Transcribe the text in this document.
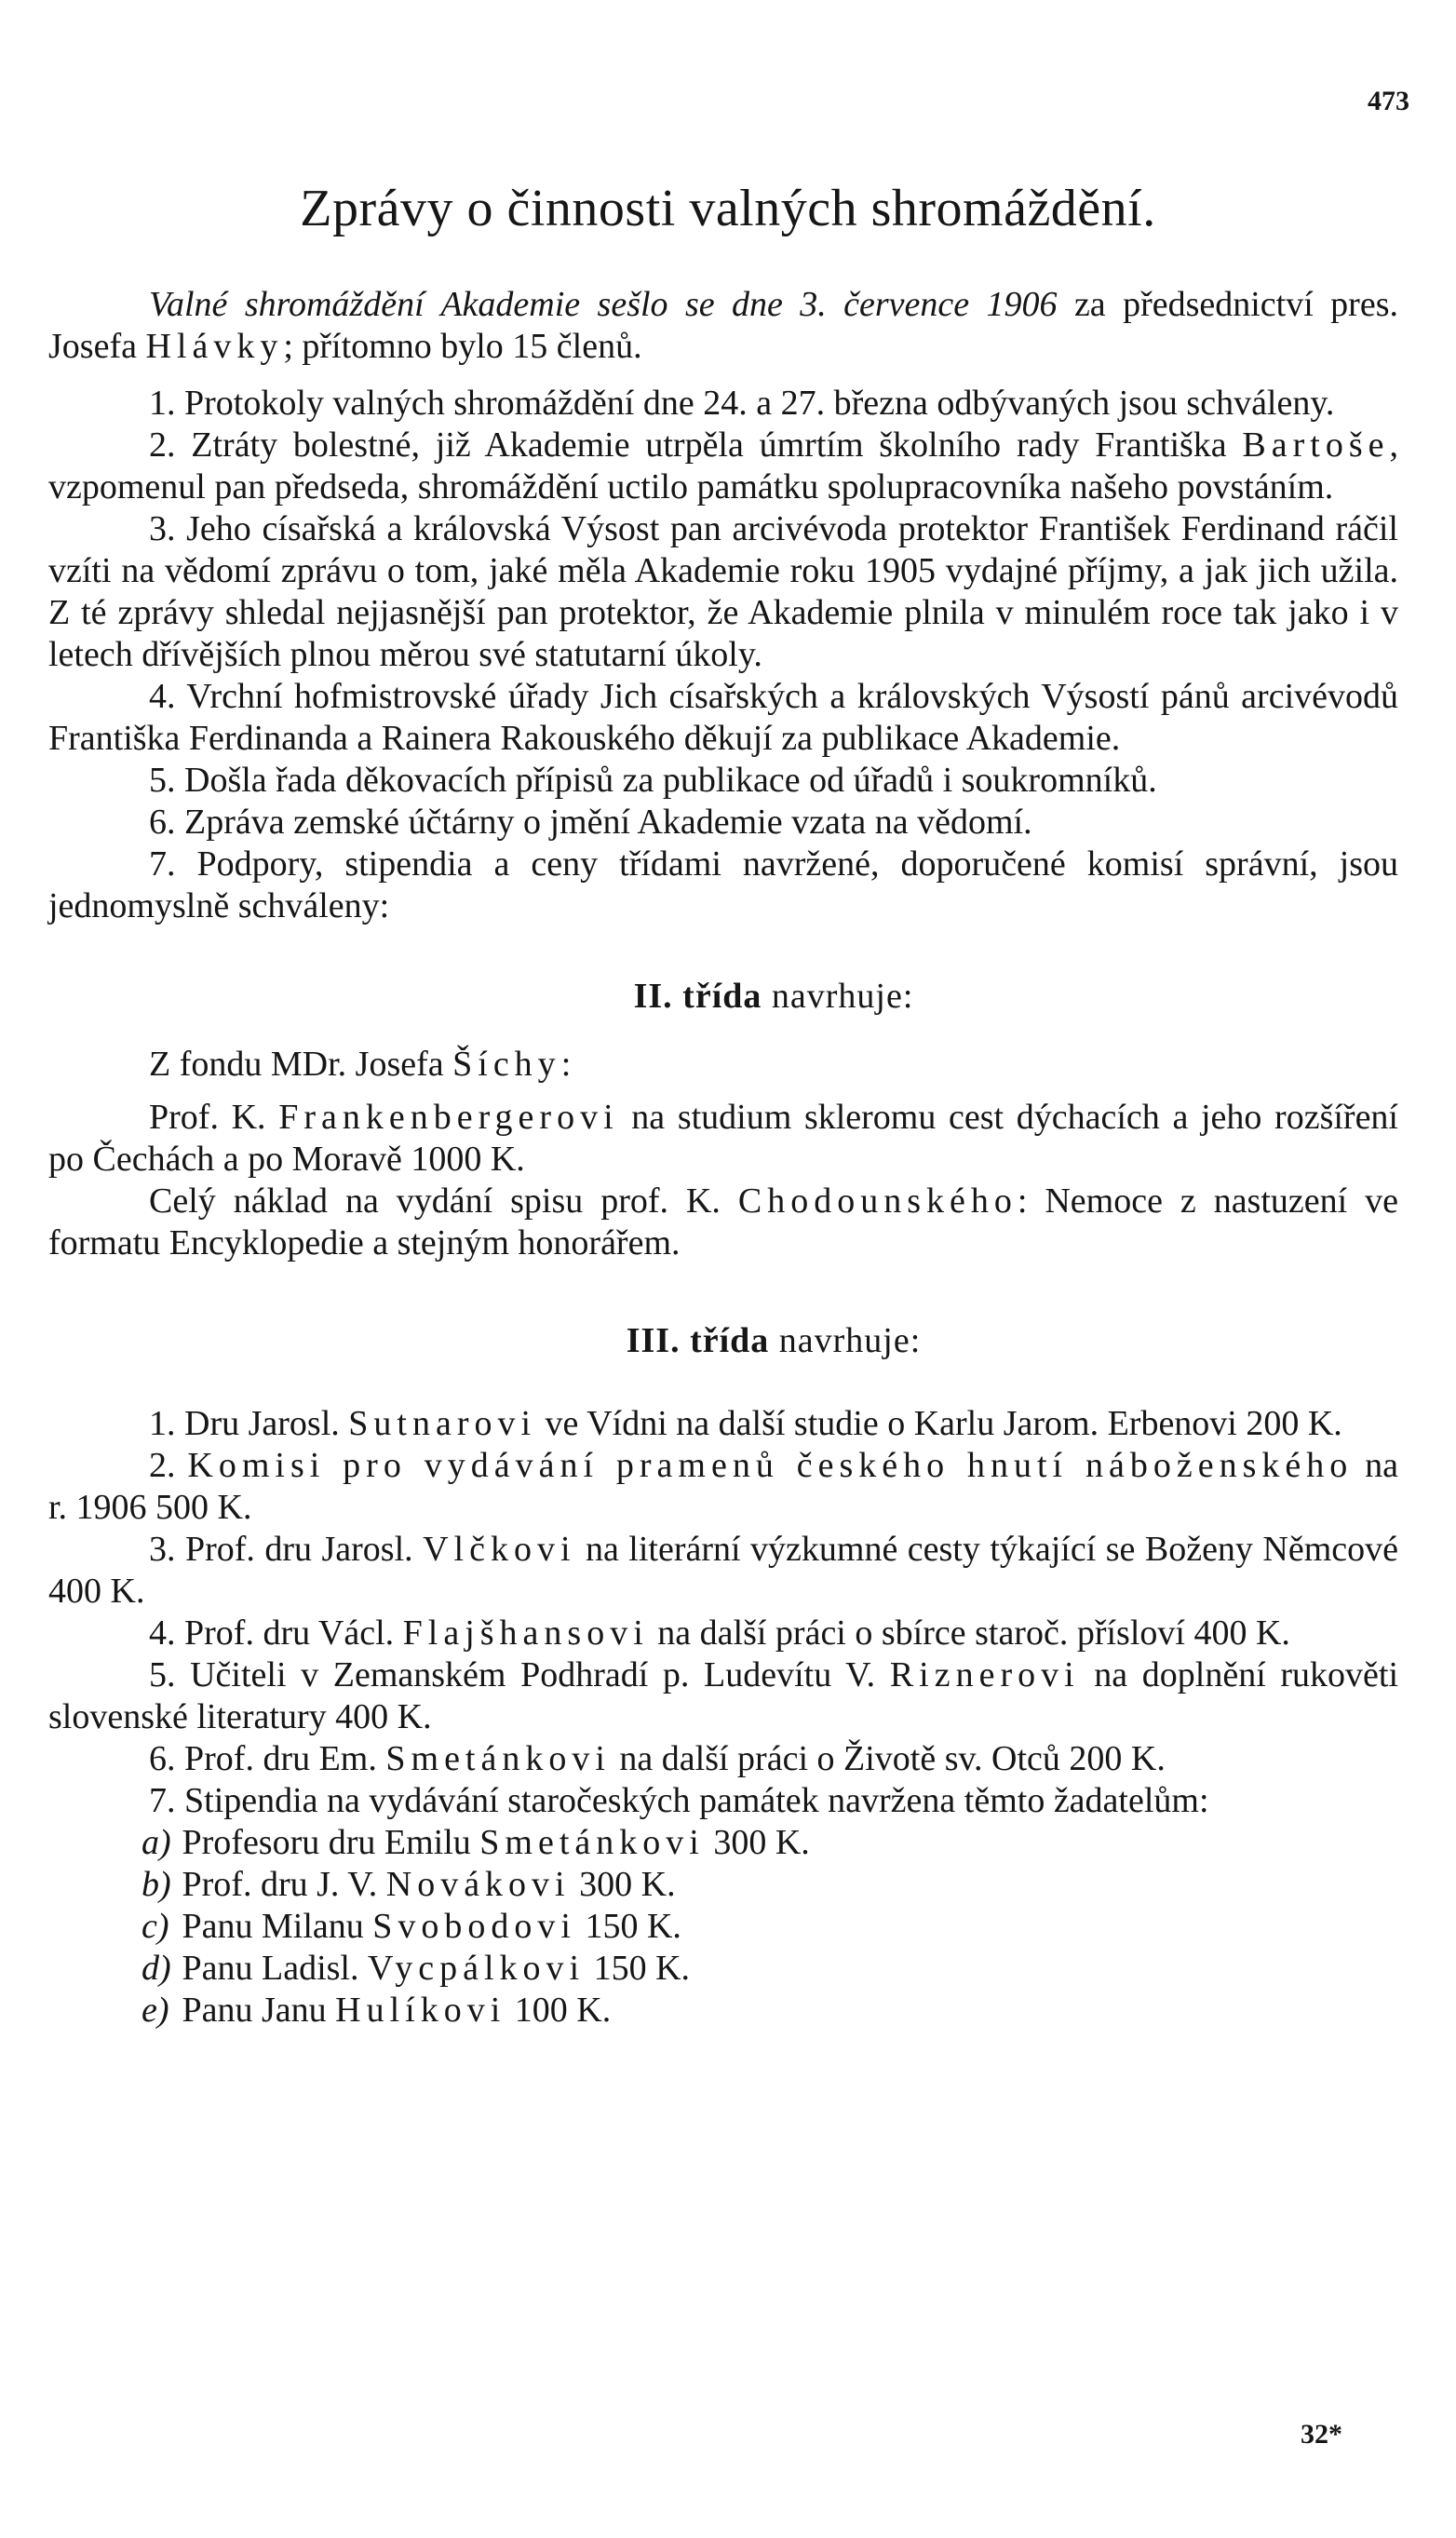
473
Zprávy o činnosti valných shromáždění.

Valné shromáždění Akademie sešlo se dne 3. července 1906 za předsednictví pres. Josefa Hlávky; přítomno bylo 15 členů.

1. Protokoly valných shromáždění dne 24. a 27. března odbývaných jsou schváleny.

2. Ztráty bolestné, již Akademie utrpěla úmrtím školního rady Františka Bartoše, vzpomenul pan předseda, shromáždění uctilo památku spolupracovníka našeho povstáním.

3. Jeho císařská a královská Výsost pan arcivévoda protektor František Ferdinand ráčil vzíti na vědomí zprávu o tom, jaké měla Akademie roku 1905 vydajné příjmy, a jak jich užila. Z té zprávy shledal nejjasnější pan protektor, že Akademie plnila v minulém roce tak jako i v letech dřívějších plnou měrou své statutarní úkoly.

4. Vrchní hofmistrovské úřady Jich císařských a královských Výsostí pánů arcivévodů Františka Ferdinanda a Rainera Rakouského děkují za publikace Akademie.

5. Došla řada děkovacích přípisů za publikace od úřadů i soukromníků.

6. Zpráva zemské účtárny o jmění Akademie vzata na vědomí.

7. Podpory, stipendia a ceny třídami navržené, doporučené komisí správní, jsou jednomyslně schváleny:

II. třída navrhuje:

Z fondu MDr. Josefa Šíchy:

Prof. K. Frankenbergerovi na studium skleromu cest dýchacích a jeho rozšíření po Čechách a po Moravě 1000 K.

Celý náklad na vydání spisu prof. K. Chodounského: Nemoce z nastuzení ve formatu Encyklopedie a stejným honorářem.

III. třída navrhuje:

1. Dru Jarosl. Sutnarovi ve Vídni na další studie o Karlu Jarom. Erbenovi 200 K.

2. Komisi pro vydávání pramenů českého hnutí náboženského na r. 1906 500 K.

3. Prof. dru Jarosl. Vlčkovi na literární výzkumné cesty týkající se Boženy Němcové 400 K.

4. Prof. dru Václ. Flajšhansovi na další práci o sbírce staroč. přísloví 400 K.

5. Učiteli v Zemanském Podhradí p. Ludevítu V. Riznerovi na doplnění rukověti slovenské literatury 400 K.

6. Prof. dru Em. Smetánkovi na další práci o Životě sv. Otců 200 K.

7. Stipendia na vydávání staročeských památek navržena těmto žadatelům:

a) Profesoru dru Emilu Smetánkovi 300 K.
b) Prof. dru J. V. Novákovi 300 K.
c) Panu Milanu Svobodovi 150 K.
d) Panu Ladisl. Vycpálkovi 150 K.
e) Panu Janu Hulíkovi 100 K.
32*
